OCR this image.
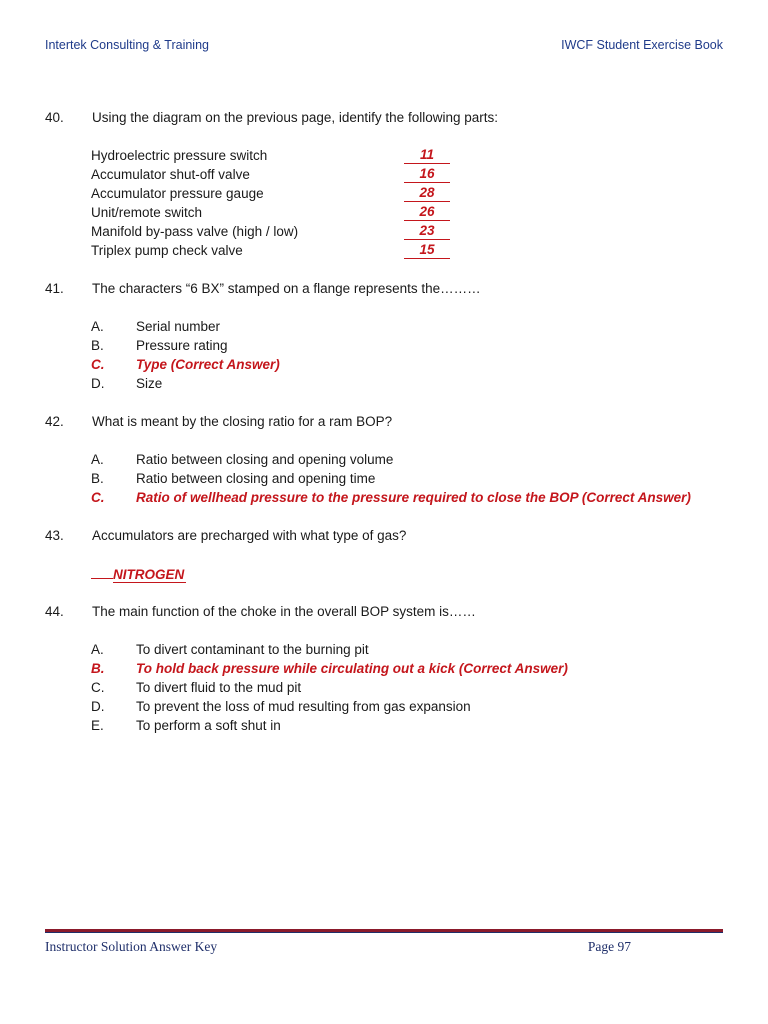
Intertek Consulting & Training	IWCF Student Exercise Book
40.	Using the diagram on the previous page, identify the following parts:
Hydroelectric pressure switch	11
Accumulator shut-off valve	16
Accumulator pressure gauge	28
Unit/remote switch	26
Manifold by-pass valve (high / low)	23
Triplex pump check valve	15
41.	The characters “6 BX” stamped on a flange represents the………
A.	Serial number
B.	Pressure rating
C.	Type (Correct Answer)
D.	Size
42.	What is meant by the closing ratio for a ram BOP?
A.	Ratio between closing and opening volume
B.	Ratio between closing and opening time
C.	Ratio of wellhead pressure to the pressure required to close the BOP (Correct Answer)
43.	Accumulators are precharged with what type of gas?
NITROGEN
44.	The main function of the choke in the overall BOP system is……
A.	To divert contaminant to the burning pit
B.	To hold back pressure while circulating out a kick (Correct Answer)
C.	To divert fluid to the mud pit
D.	To prevent the loss of mud resulting from gas expansion
E.	To perform a soft shut in
Instructor Solution Answer Key	Page 97
